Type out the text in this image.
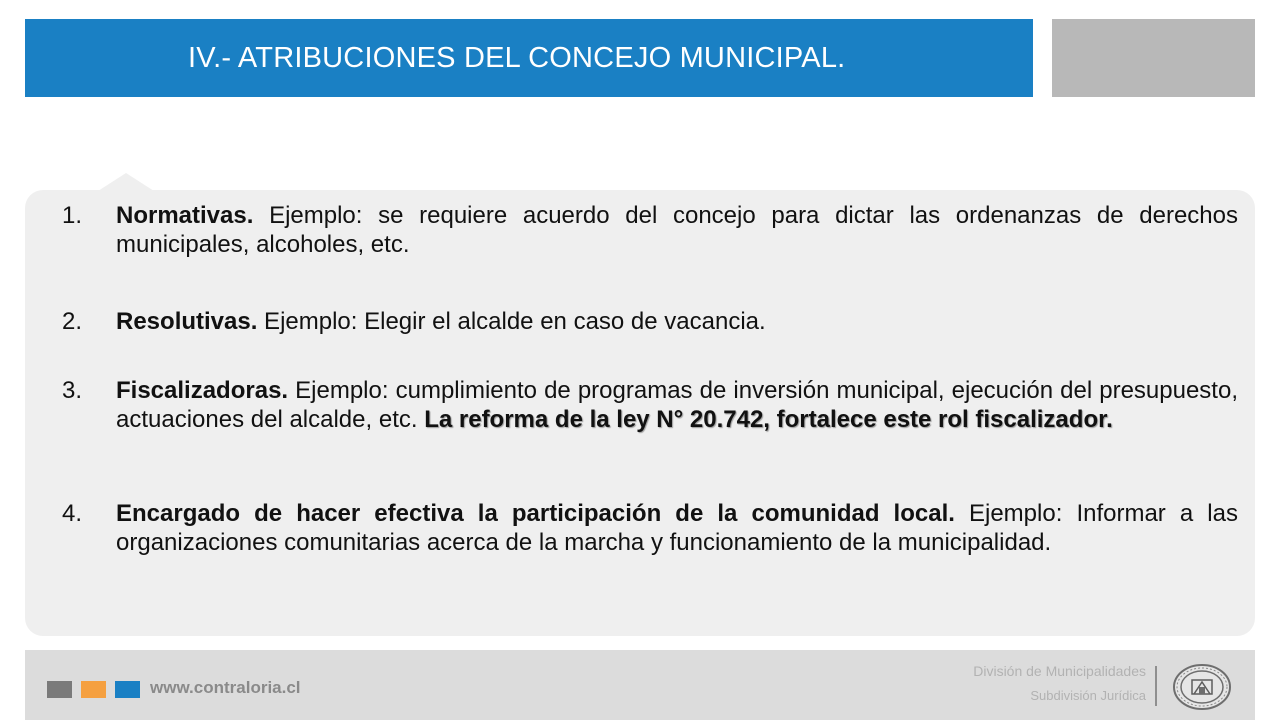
IV.- ATRIBUCIONES DEL CONCEJO MUNICIPAL.
1.	Normativas. Ejemplo: se requiere acuerdo del concejo para dictar las ordenanzas de derechos municipales, alcoholes, etc.
2.	Resolutivas. Ejemplo: Elegir el alcalde en caso de vacancia.
3.	Fiscalizadoras. Ejemplo: cumplimiento de programas de inversión municipal, ejecución del presupuesto, actuaciones del alcalde, etc. La reforma de la ley N° 20.742, fortalece este rol fiscalizador.
4.	Encargado de hacer efectiva la participación de la comunidad local. Ejemplo: Informar a las organizaciones comunitarias acerca de la marcha y funcionamiento de la municipalidad.
www.contraloria.cl
División de Municipalidades
Subdivisión Jurídica
